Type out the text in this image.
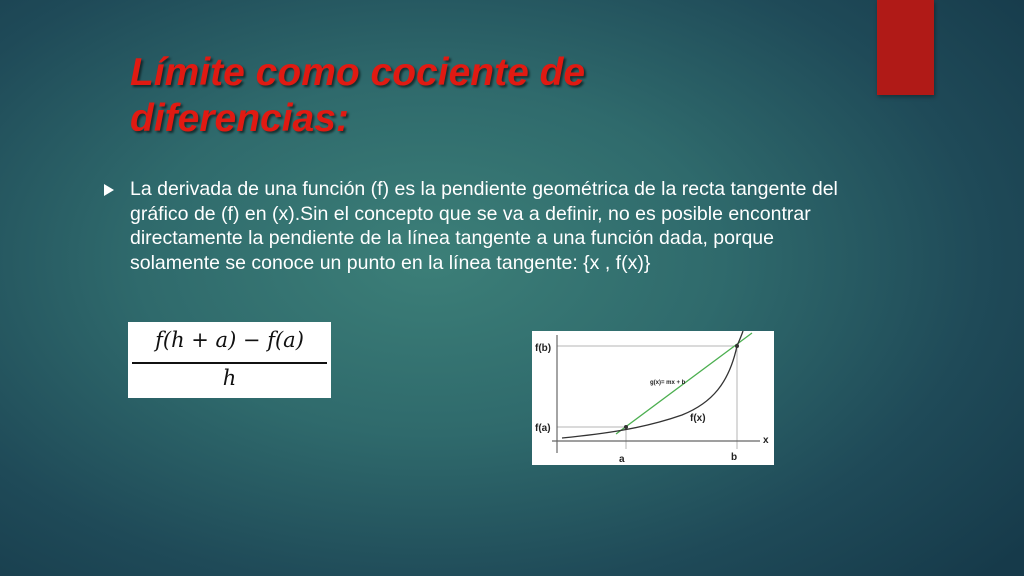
Límite como cociente de diferencias:

La derivada de una función (f) es la pendiente geométrica de la recta tangente del gráfico de (f) en (x).Sin el concepto que se va a definir, no es posible encontrar directamente la pendiente de la línea tangente a una función dada, porque solamente se conoce un punto en la línea tangente: {x , f(x)}

f(h + a) − f(a)
h
f(b)
f(a)
x
a	b
g(x)= mx + b
f(x)
